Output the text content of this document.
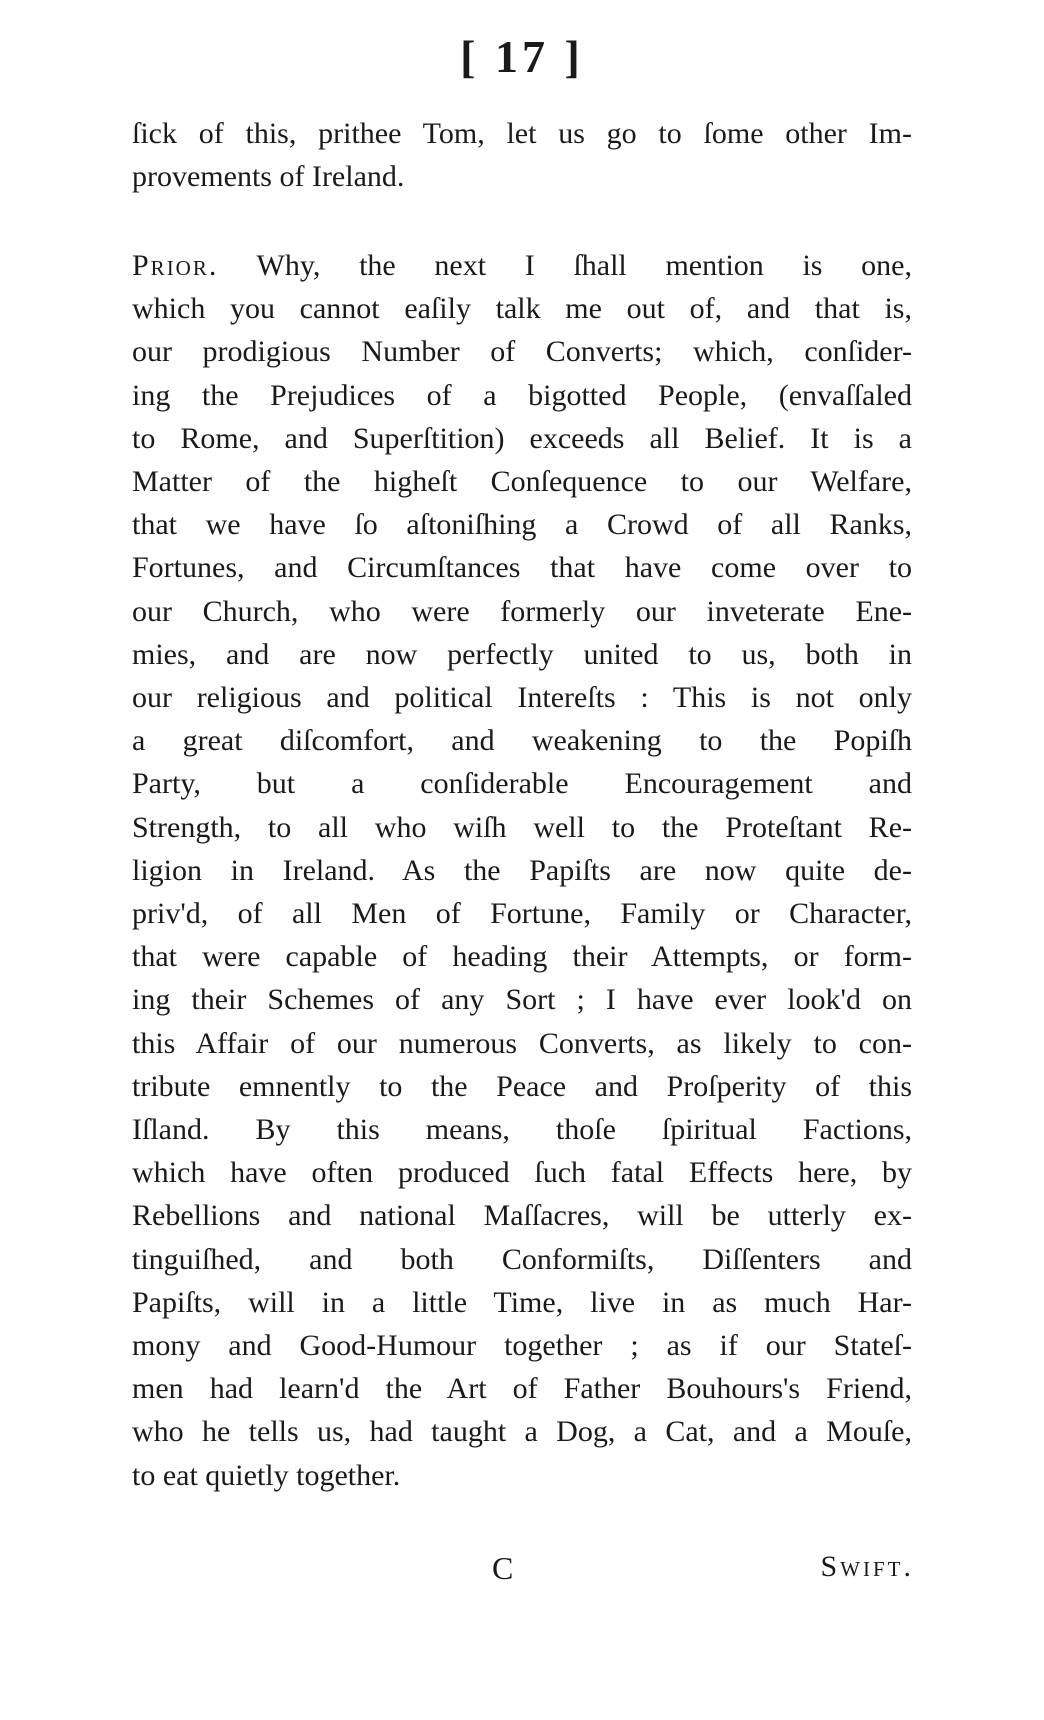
[ 17 ]
ſick of this, prithee Tom, let us go to ſome other Im-
provements of Ireland.
Prior. Why, the next I ſhall mention is one,
which you cannot eaſily talk me out of, and that is,
our prodigious Number of Converts; which, conſider-
ing the Prejudices of a bigotted People, (envaſſaled
to Rome, and Superſtition) exceeds all Belief. It is a
Matter of the higheſt Conſequence to our Welfare,
that we have ſo aſtoniſhing a Crowd of all Ranks,
Fortunes, and Circumſtances that have come over to
our Church, who were formerly our inveterate Ene-
mies, and are now perfectly united to us, both in
our religious and political Intereſts : This is not only
a great diſcomfort, and weakening to the Popiſh
Party, but a conſiderable Encouragement and
Strength, to all who wiſh well to the Proteſtant Re-
ligion in Ireland. As the Papiſts are now quite de-
priv'd, of all Men of Fortune, Family or Character,
that were capable of heading their Attempts, or form-
ing their Schemes of any Sort ; I have ever look'd on
this Affair of our numerous Converts, as likely to con-
tribute emnently to the Peace and Proſperity of this
Iſland. By this means, thoſe ſpiritual Factions,
which have often produced ſuch fatal Effects here, by
Rebellions and national Maſſacres, will be utterly ex-
tinguiſhed, and both Conformiſts, Diſſenters and
Papiſts, will in a little Time, live in as much Har-
mony and Good-Humour together ; as if our Stateſ-
men had learn'd the Art of Father Bouhours's Friend,
who he tells us, had taught a Dog, a Cat, and a Mouſe,
to eat quietly together.
C	Swift.
